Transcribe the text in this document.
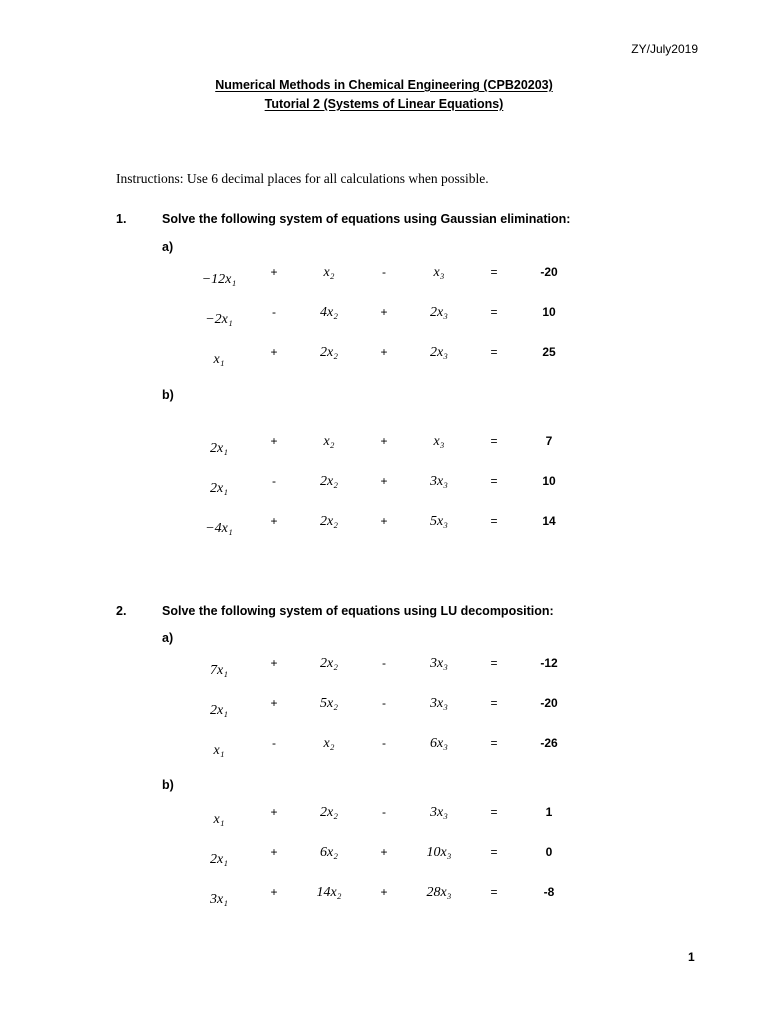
ZY/July2019
Numerical Methods in Chemical Engineering (CPB20203)
Tutorial 2 (Systems of Linear Equations)
Instructions: Use 6 decimal places for all calculations when possible.
1.	Solve the following system of equations using Gaussian elimination:
a)
b)
2.	Solve the following system of equations using LU decomposition:
a)
b)
−12x₁	+	x₂	-	x₃	=	-20
−2x₁	-	4x₂	+	2x₃	=	10
x₁	+	2x₂	+	2x₃	=	25
2x₁	+	x₂	+	x₃	=	7
2x₁	-	2x₂	+	3x₃	=	10
−4x₁	+	2x₂	+	5x₃	=	14
7x₁	+	2x₂	-	3x₃	=	-12
2x₁	+	5x₂	-	3x₃	=	-20
x₁	-	x₂	-	6x₃	=	-26
x₁	+	2x₂	-	3x₃	=	1
2x₁	+	6x₂	+	10x₃	=	0
3x₁	+	14x₂	+	28x₃	=	-8
1
